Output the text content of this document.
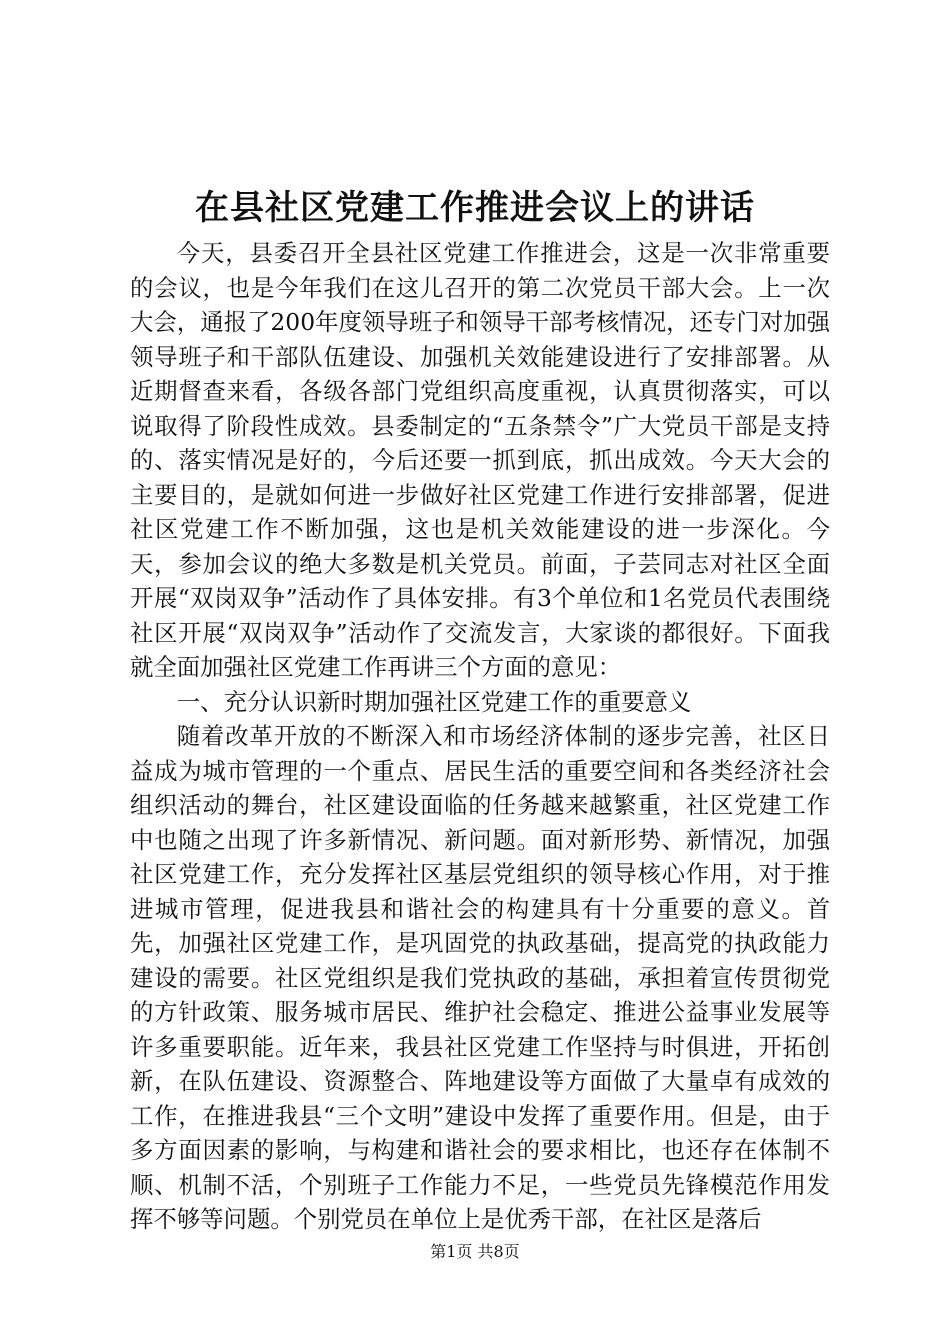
在县社区党建工作推进会议上的讲话

今天，县委召开全县社区党建工作推进会，这是一次非常重要的会议，也是今年我们在这儿召开的第二次党员干部大会。上一次大会，通报了200年度领导班子和领导干部考核情况，还专门对加强领导班子和干部队伍建设、加强机关效能建设进行了安排部署。从近期督查来看，各级各部门党组织高度重视，认真贯彻落实，可以说取得了阶段性成效。县委制定的“五条禁令”广大党员干部是支持的、落实情况是好的，今后还要一抓到底，抓出成效。今天大会的主要目的，是就如何进一步做好社区党建工作进行安排部署，促进社区党建工作不断加强，这也是机关效能建设的进一步深化。今天，参加会议的绝大多数是机关党员。前面，子芸同志对社区全面开展“双岗双争”活动作了具体安排。有3个单位和1名党员代表围绕社区开展“双岗双争”活动作了交流发言，大家谈的都很好。下面我就全面加强社区党建工作再讲三个方面的意见：

一、充分认识新时期加强社区党建工作的重要意义

随着改革开放的不断深入和市场经济体制的逐步完善，社区日益成为城市管理的一个重点、居民生活的重要空间和各类经济社会组织活动的舞台，社区建设面临的任务越来越繁重，社区党建工作中也随之出现了许多新情况、新问题。面对新形势、新情况，加强社区党建工作，充分发挥社区基层党组织的领导核心作用，对于推进城市管理，促进我县和谐社会的构建具有十分重要的意义。首先，加强社区党建工作，是巩固党的执政基础，提高党的执政能力建设的需要。社区党组织是我们党执政的基础，承担着宣传贯彻党的方针政策、服务城市居民、维护社会稳定、推进公益事业发展等许多重要职能。近年来，我县社区党建工作坚持与时俱进，开拓创新，在队伍建设、资源整合、阵地建设等方面做了大量卓有成效的工作，在推进我县“三个文明”建设中发挥了重要作用。但是，由于多方面因素的影响，与构建和谐社会的要求相比，也还存在体制不顺、机制不活，个别班子工作能力不足，一些党员先锋模范作用发挥不够等问题。个别党员在单位上是优秀干部，在社区是落后

第1页 共8页
